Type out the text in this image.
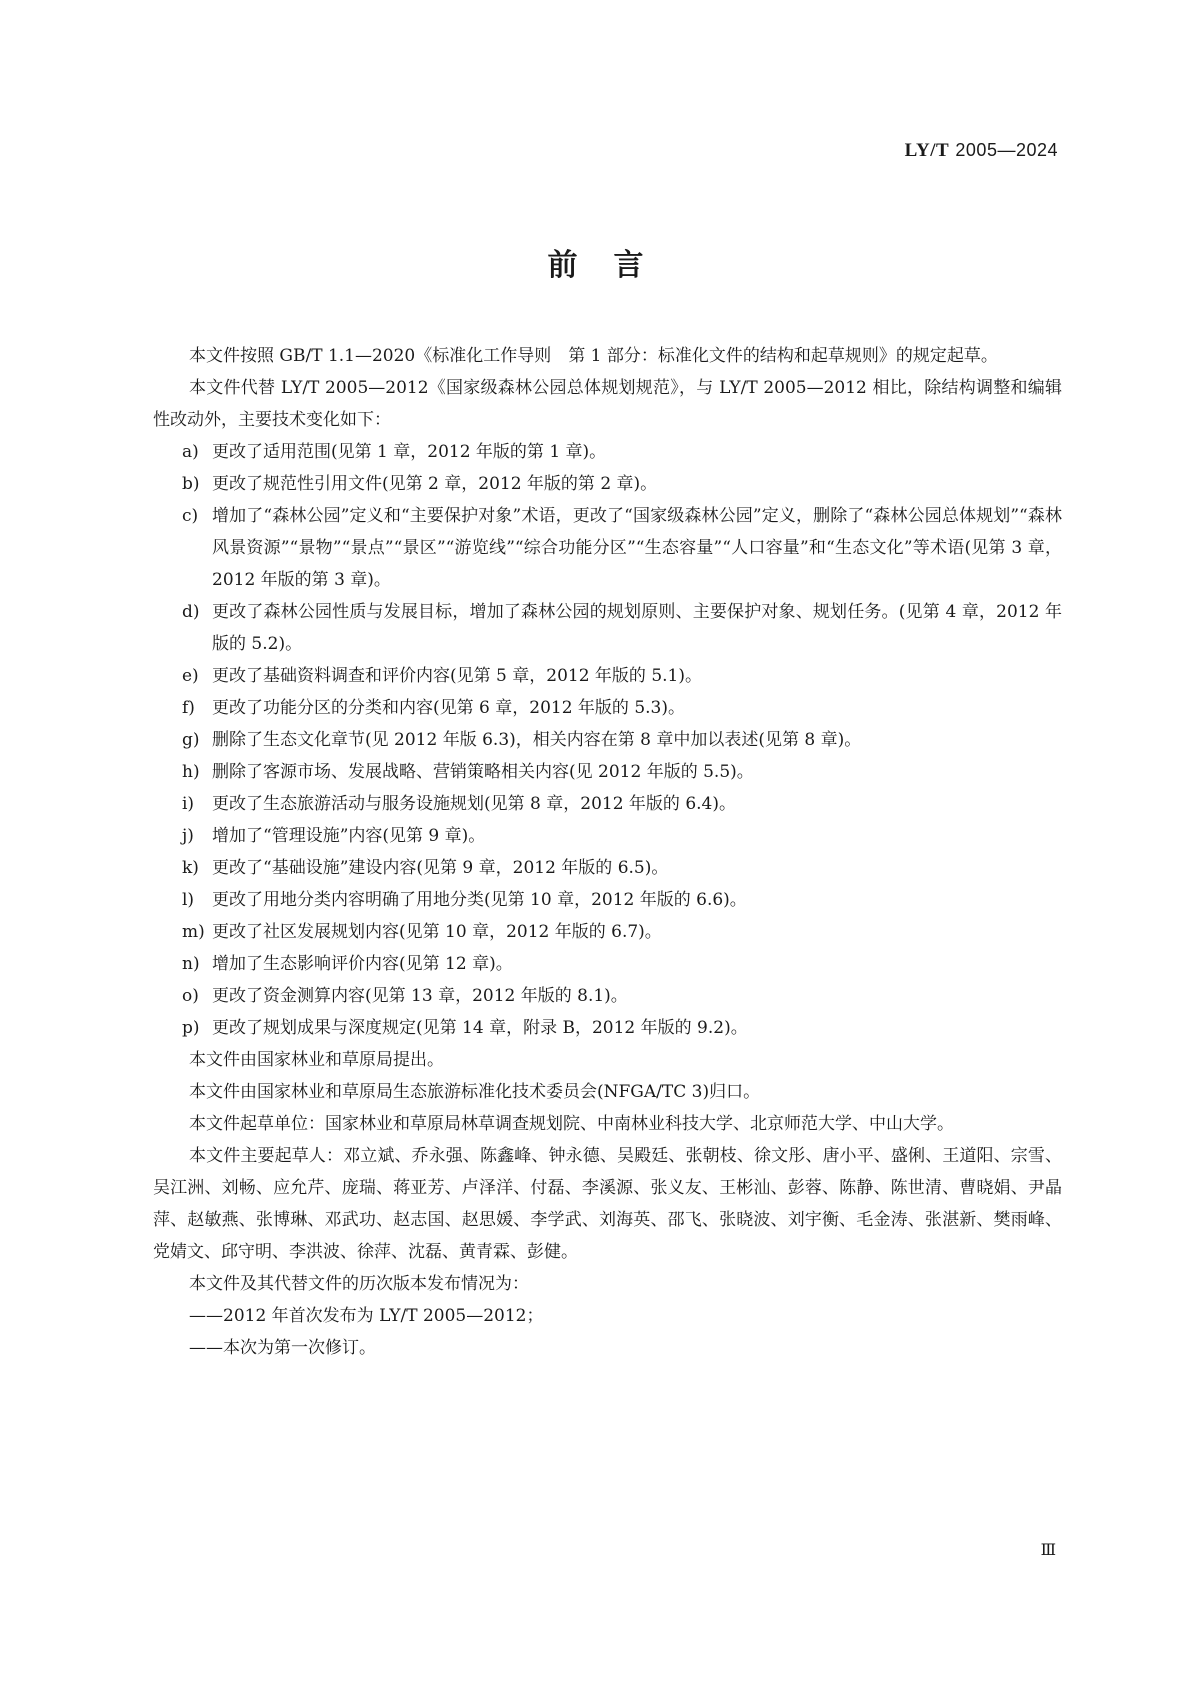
LY/T 2005—2024
前言

本文件按照 GB/T 1.1—2020《标准化工作导则　第 1 部分：标准化文件的结构和起草规则》的规定起草。

本文件代替 LY/T 2005—2012《国家级森林公园总体规划规范》，与 LY/T 2005—2012 相比，除结构调整和编辑性改动外，主要技术变化如下：

a) 更改了适用范围(见第 1 章，2012 年版的第 1 章)。
b) 更改了规范性引用文件(见第 2 章，2012 年版的第 2 章)。
c) 增加了“森林公园”定义和“主要保护对象”术语，更改了“国家级森林公园”定义，删除了“森林公园总体规划”“森林风景资源”“景物”“景点”“景区”“游览线”“综合功能分区”“生态容量”“人口容量”和“生态文化”等术语(见第 3 章，2012 年版的第 3 章)。
d) 更改了森林公园性质与发展目标，增加了森林公园的规划原则、主要保护对象、规划任务。(见第 4 章，2012 年版的 5.2)。
e) 更改了基础资料调查和评价内容(见第 5 章，2012 年版的 5.1)。
f)	更改了功能分区的分类和内容(见第 6 章，2012 年版的 5.3)。
g) 删除了生态文化章节(见 2012 年版 6.3)，相关内容在第 8 章中加以表述(见第 8 章)。
h) 删除了客源市场、发展战略、营销策略相关内容(见 2012 年版的 5.5)。
i)	更改了生态旅游活动与服务设施规划(见第 8 章，2012 年版的 6.4)。
j)	增加了“管理设施”内容(见第 9 章)。
k) 更改了“基础设施”建设内容(见第 9 章，2012 年版的 6.5)。
l)	更改了用地分类内容明确了用地分类(见第 10 章，2012 年版的 6.6)。
m) 更改了社区发展规划内容(见第 10 章，2012 年版的 6.7)。
n) 增加了生态影响评价内容(见第 12 章)。
o) 更改了资金测算内容(见第 13 章，2012 年版的 8.1)。
p) 更改了规划成果与深度规定(见第 14 章，附录 B，2012 年版的 9.2)。

本文件由国家林业和草原局提出。

本文件由国家林业和草原局生态旅游标准化技术委员会(NFGA/TC 3)归口。

本文件起草单位：国家林业和草原局林草调查规划院、中南林业科技大学、北京师范大学、中山大学。

本文件主要起草人：邓立斌、乔永强、陈鑫峰、钟永德、吴殿廷、张朝枝、徐文彤、唐小平、盛俐、王道阳、宗雪、吴江洲、刘畅、应允芹、庞瑞、蒋亚芳、卢泽洋、付磊、李溪源、张义友、王彬汕、彭蓉、陈静、陈世清、曹晓娟、尹晶萍、赵敏燕、张博琳、邓武功、赵志国、赵思媛、李学武、刘海英、邵飞、张晓波、刘宇衡、毛金涛、张湛新、樊雨峰、党婧文、邱守明、李洪波、徐萍、沈磊、黄青霖、彭健。

本文件及其代替文件的历次版本发布情况为：

——2012 年首次发布为 LY/T 2005—2012；

——本次为第一次修订。

Ⅲ
